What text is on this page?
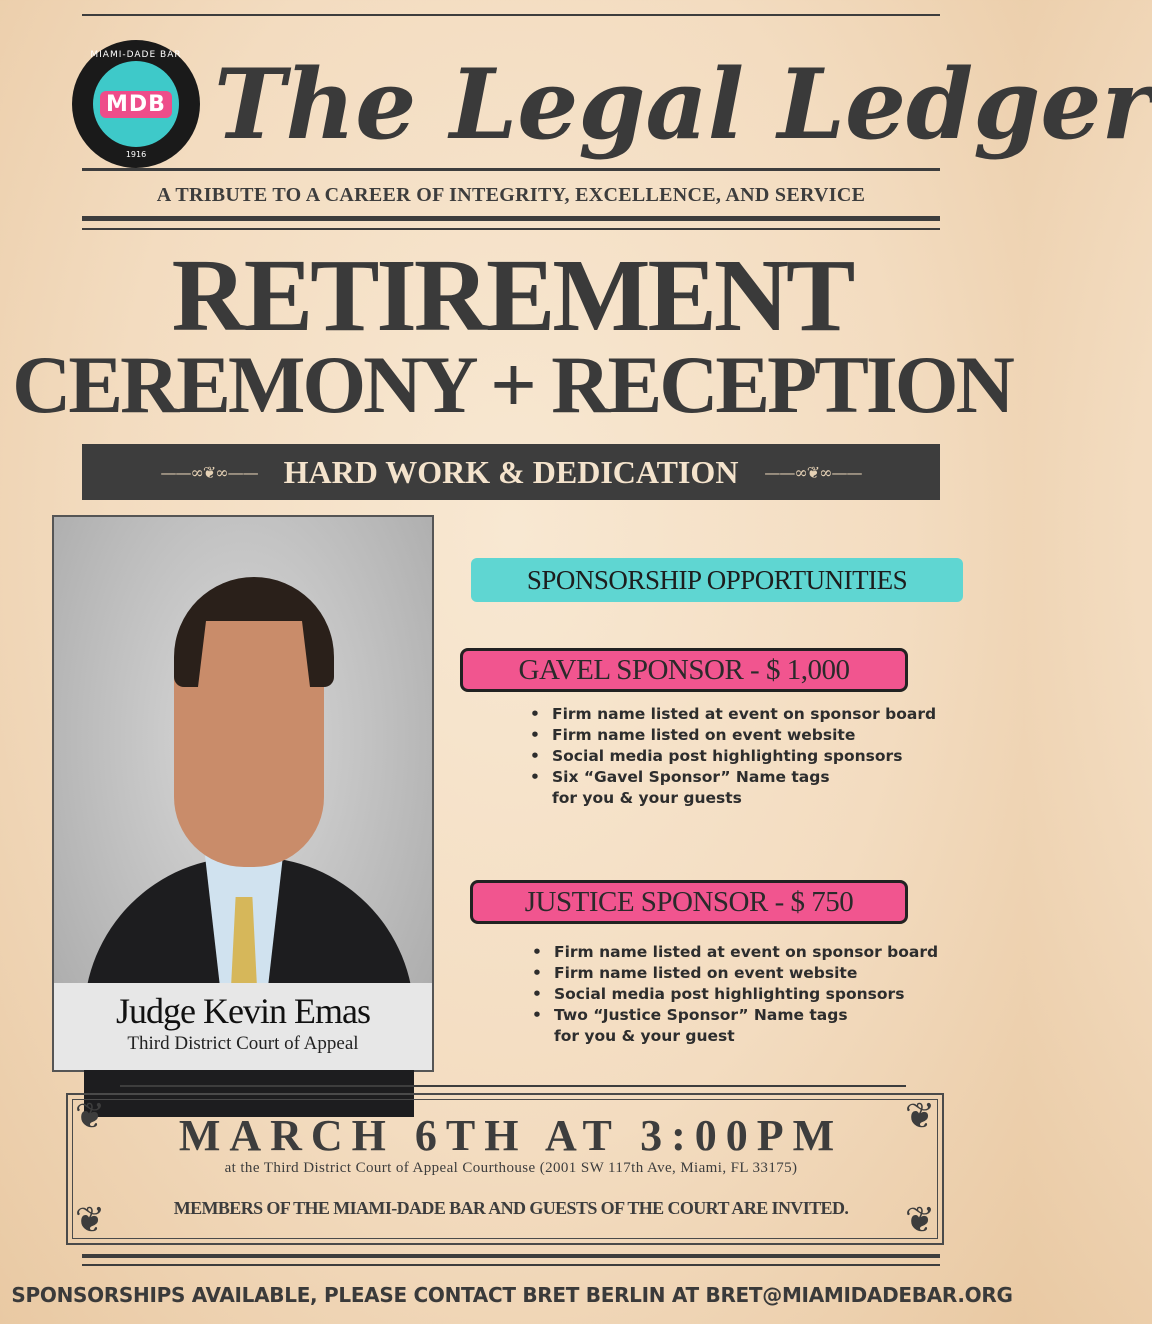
MIAMI-DADE BAR
MDB
1916 The Legal Ledger
A TRIBUTE TO A CAREER OF INTEGRITY, EXCELLENCE, AND SERVICE
RETIREMENT
CEREMONY + RECEPTION
——∞❦∞—— HARD WORK & DEDICATION ——∞❦∞——
Judge Kevin Emas
Third District Court of Appeal
SPONSORSHIP OPPORTUNITIES
GAVEL SPONSOR - $ 1,000
• Firm name listed at event on sponsor board
• Firm name listed on event website
• Social media post highlighting sponsors
• Six “Gavel Sponsor” Name tags
for you & your guests
JUSTICE SPONSOR - $ 750
• Firm name listed at event on sponsor board
• Firm name listed on event website
• Social media post highlighting sponsors
• Two “Justice Sponsor” Name tags
for you & your guest
❦	❦
❦	❦
MARCH 6TH AT 3:00PM
at the Third District Court of Appeal Courthouse (2001 SW 117th Ave, Miami, FL 33175)
MEMBERS OF THE MIAMI-DADE BAR AND GUESTS OF THE COURT ARE INVITED.
SPONSORSHIPS AVAILABLE, PLEASE CONTACT BRET BERLIN AT BRET@MIAMIDADEBAR.ORG
